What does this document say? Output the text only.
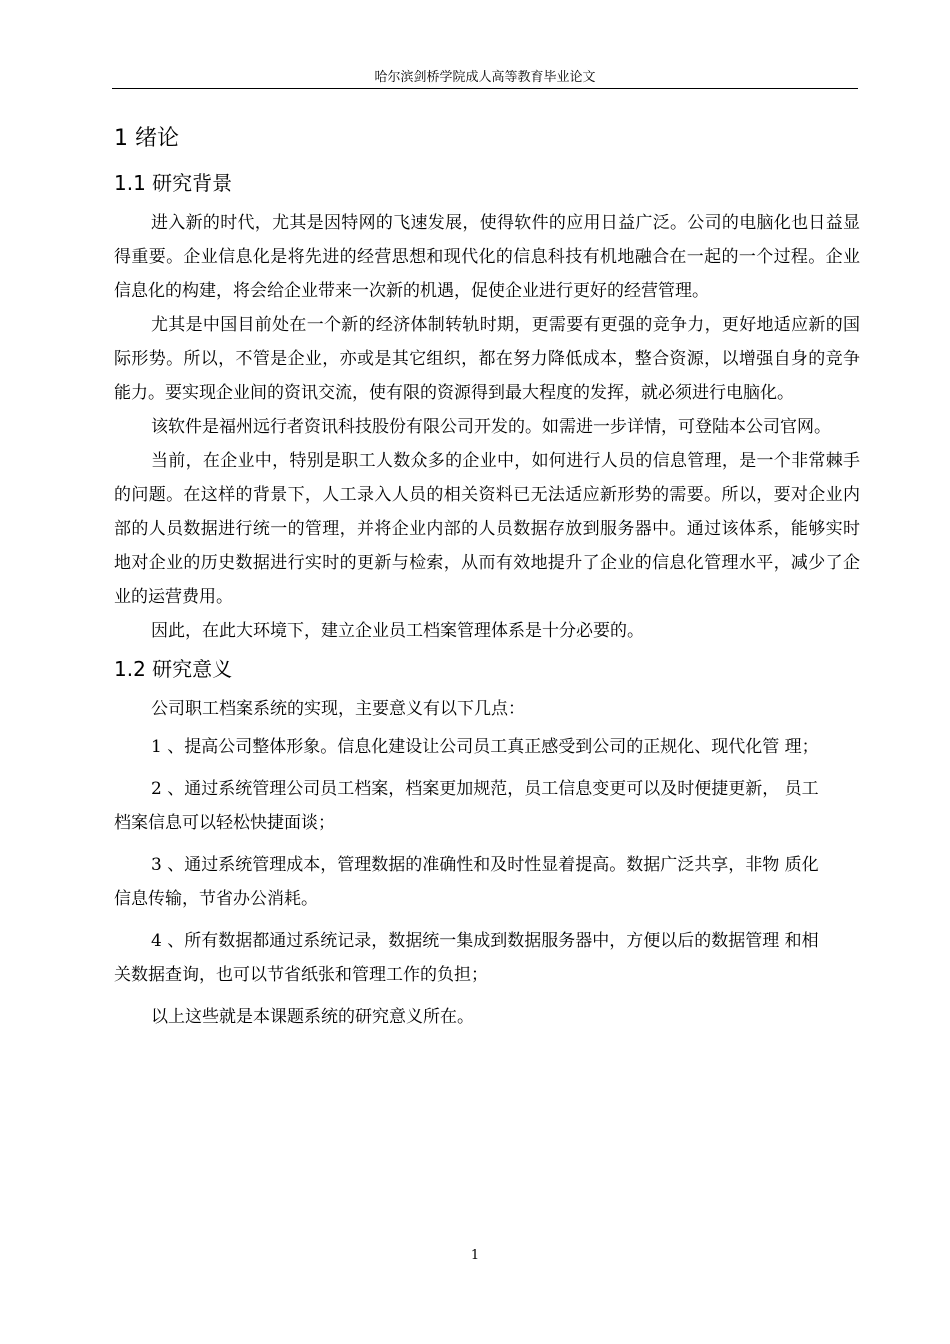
哈尔滨剑桥学院成人高等教育毕业论文
1 绪论
1.1 研究背景

进入新的时代，尤其是因特网的飞速发展，使得软件的应用日益广泛。公司的电脑化也日益显得重要。企业信息化是将先进的经营思想和现代化的信息科技有机地融合在一起的一个过程。企业信息化的构建，将会给企业带来一次新的机遇，促使企业进行更好的经营管理。

尤其是中国目前处在一个新的经济体制转轨时期，更需要有更强的竞争力，更好地适应新的国际形势。所以，不管是企业，亦或是其它组织，都在努力降低成本，整合资源，以增强自身的竞争能力。要实现企业间的资讯交流，使有限的资源得到最大程度的发挥，就必须进行电脑化。

该软件是福州远行者资讯科技股份有限公司开发的。如需进一步详情，可登陆本公司官网。

当前，在企业中，特别是职工人数众多的企业中，如何进行人员的信息管理，是一个非常棘手的问题。在这样的背景下，人工录入人员的相关资料已无法适应新形势的需要。所以，要对企业内部的人员数据进行统一的管理，并将企业内部的人员数据存放到服务器中。通过该体系，能够实时地对企业的历史数据进行实时的更新与检索，从而有效地提升了企业的信息化管理水平，减少了企业的运营费用。

因此，在此大环境下，建立企业员工档案管理体系是十分必要的。

1.2 研究意义

公司职工档案系统的实现，主要意义有以下几点：

1 、提高公司整体形象。信息化建设让公司员工真正感受到公司的正规化、现代化管 理；

2 、通过系统管理公司员工档案，档案更加规范，员工信息变更可以及时便捷更新， 员工档案信息可以轻松快捷面谈；

3 、通过系统管理成本，管理数据的准确性和及时性显着提高。数据广泛共享，非物 质化信息传输，节省办公消耗。

4 、所有数据都通过系统记录，数据统一集成到数据服务器中，方便以后的数据管理 和相关数据查询，也可以节省纸张和管理工作的负担；

以上这些就是本课题系统的研究意义所在。

1
